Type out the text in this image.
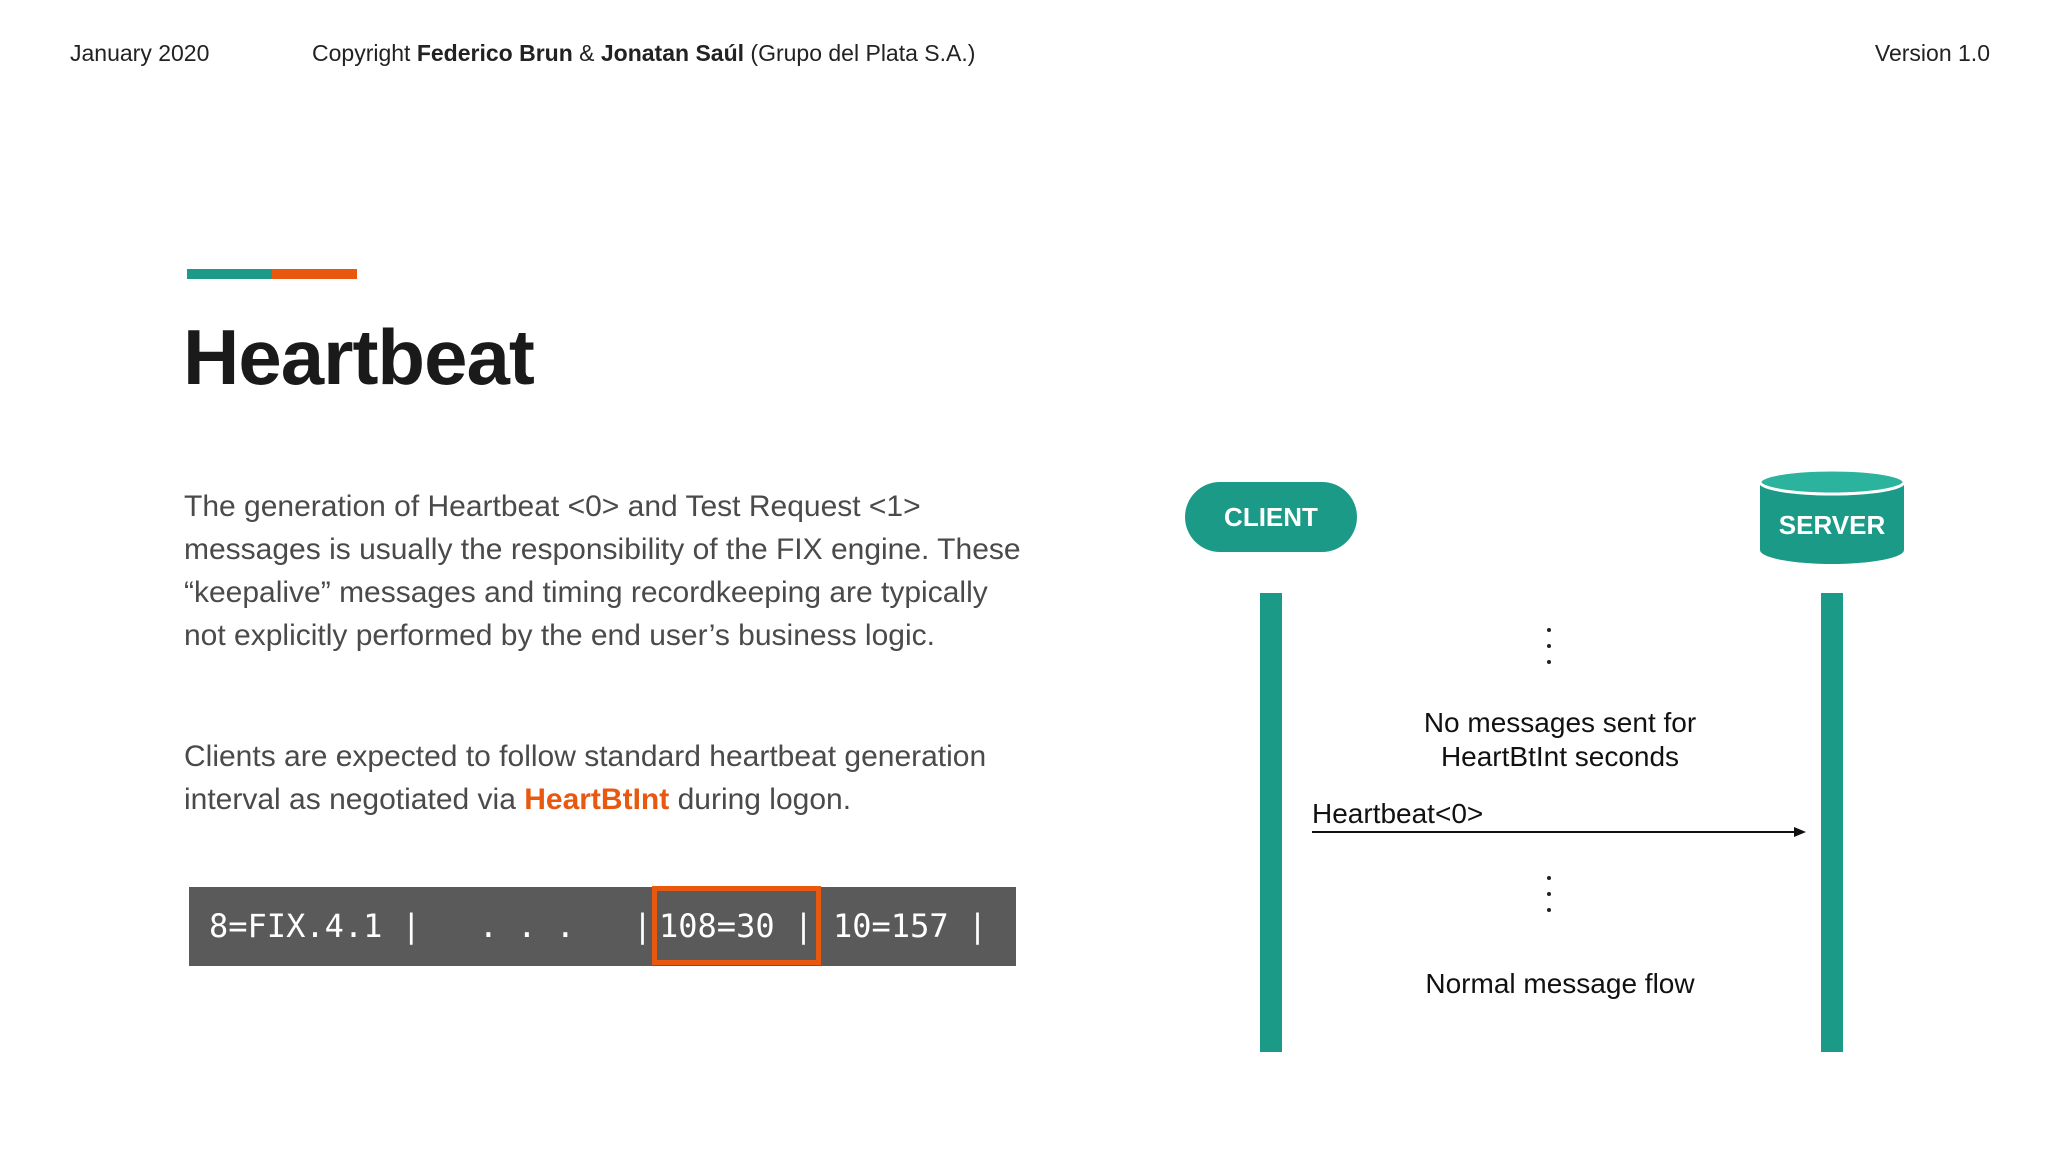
January 2020	Copyright Federico Brun & Jonatan Saúl (Grupo del Plata S.A.)	Version 1.0
Heartbeat
The generation of Heartbeat <0> and Test Request <1> messages is usually the responsibility of the FIX engine. These “keepalive” messages and timing recordkeeping are typically not explicitly performed by the end user’s business logic.
Clients are expected to follow standard heartbeat generation interval as negotiated via HeartBtInt during logon.

8=FIX.4.1 |   . . .   |

108=30 |

10=157 |

CLIENT	SERVER
No messages sent for
HeartBtInt seconds
Heartbeat<0>
Normal message flow
